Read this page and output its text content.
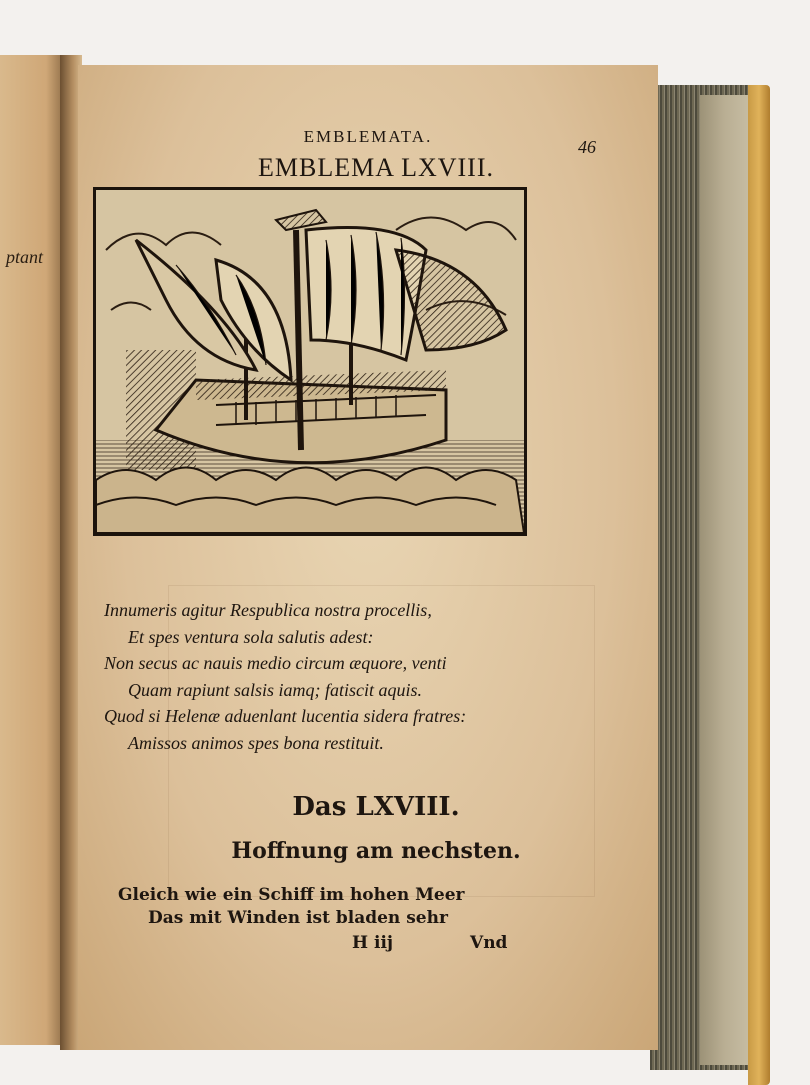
ptant
EMBLEMATA.
46
EMBLEMA LXVIII.
Innumeris agitur Respublica nostra procellis,
Et spes ventura sola salutis adest:
Non secus ac nauis medio circum æquore, venti
Quam rapiunt salsis iamq; fatiscit aquis.
Quod si Helenæ aduenlant lucentia sidera fratres:
Amissos animos spes bona restituit.
Das LXVIII.
Hoffnung am nechsten.
Gleich wie ein Schiff im hohen Meer
Das mit Winden ist bladen sehr
H iij	Vnd
